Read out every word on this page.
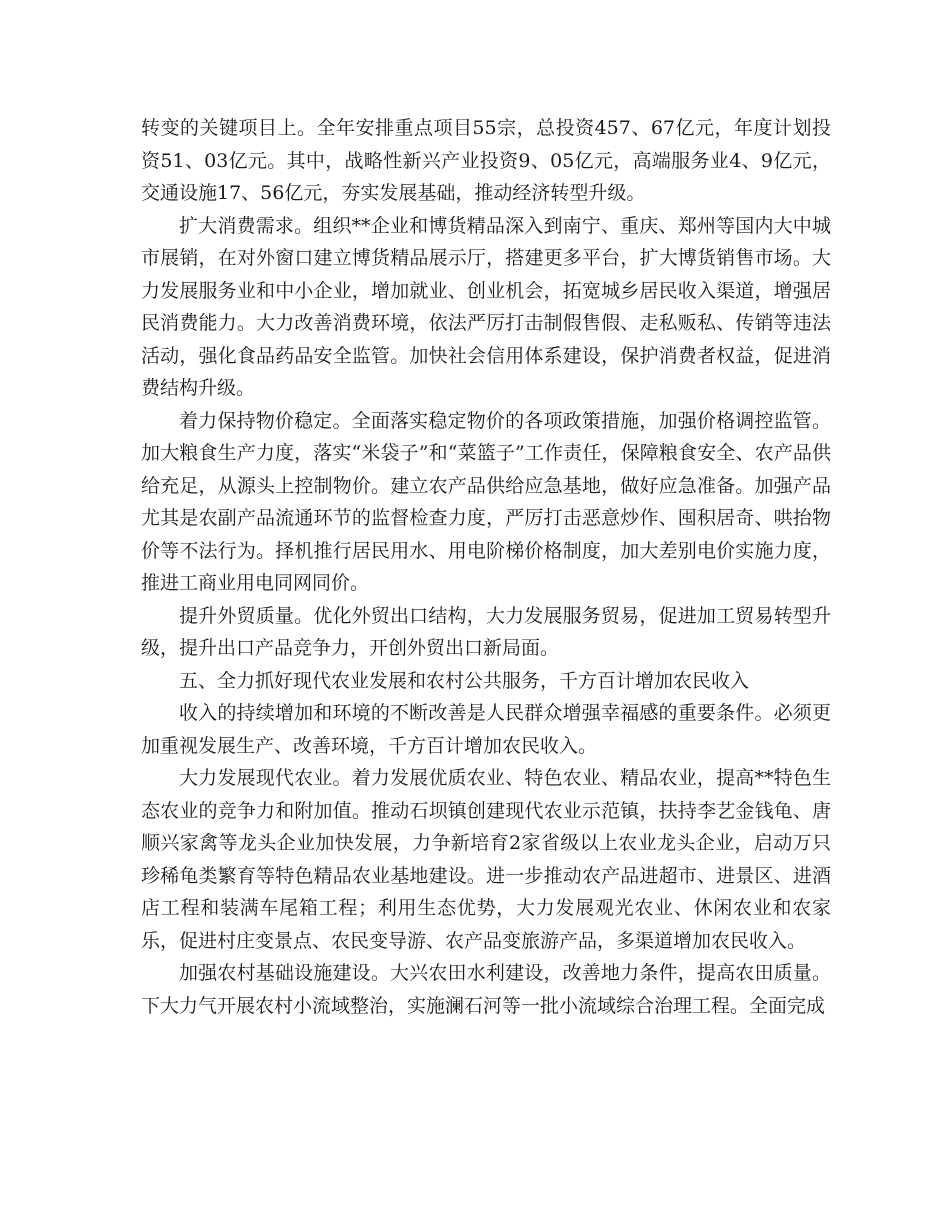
转变的关键项目上。全年安排重点项目55宗，总投资457、67亿元，年度计划投资51、03亿元。其中，战略性新兴产业投资9、05亿元，高端服务业4、9亿元，交通设施17、56亿元，夯实发展基础，推动经济转型升级。

扩大消费需求。组织**企业和博货精品深入到南宁、重庆、郑州等国内大中城市展销，在对外窗口建立博货精品展示厅，搭建更多平台，扩大博货销售市场。大力发展服务业和中小企业，增加就业、创业机会，拓宽城乡居民收入渠道，增强居民消费能力。大力改善消费环境，依法严厉打击制假售假、走私贩私、传销等违法活动，强化食品药品安全监管。加快社会信用体系建设，保护消费者权益，促进消费结构升级。

着力保持物价稳定。全面落实稳定物价的各项政策措施，加强价格调控监管。加大粮食生产力度，落实“米袋子”和“菜篮子”工作责任，保障粮食安全、农产品供给充足，从源头上控制物价。建立农产品供给应急基地，做好应急准备。加强产品尤其是农副产品流通环节的监督检查力度，严厉打击恶意炒作、囤积居奇、哄抬物价等不法行为。择机推行居民用水、用电阶梯价格制度，加大差别电价实施力度，推进工商业用电同网同价。

提升外贸质量。优化外贸出口结构，大力发展服务贸易，促进加工贸易转型升级，提升出口产品竞争力，开创外贸出口新局面。

五、全力抓好现代农业发展和农村公共服务，千方百计增加农民收入

收入的持续增加和环境的不断改善是人民群众增强幸福感的重要条件。必须更加重视发展生产、改善环境，千方百计增加农民收入。

大力发展现代农业。着力发展优质农业、特色农业、精品农业，提高**特色生态农业的竞争力和附加值。推动石坝镇创建现代农业示范镇，扶持李艺金钱龟、唐顺兴家禽等龙头企业加快发展，力争新培育2家省级以上农业龙头企业，启动万只珍稀龟类繁育等特色精品农业基地建设。进一步推动农产品进超市、进景区、进酒店工程和装满车尾箱工程；利用生态优势，大力发展观光农业、休闲农业和农家乐，促进村庄变景点、农民变导游、农产品变旅游产品，多渠道增加农民收入。

加强农村基础设施建设。大兴农田水利建设，改善地力条件，提高农田质量。下大力气开展农村小流域整治，实施澜石河等一批小流域综合治理工程。全面完成
